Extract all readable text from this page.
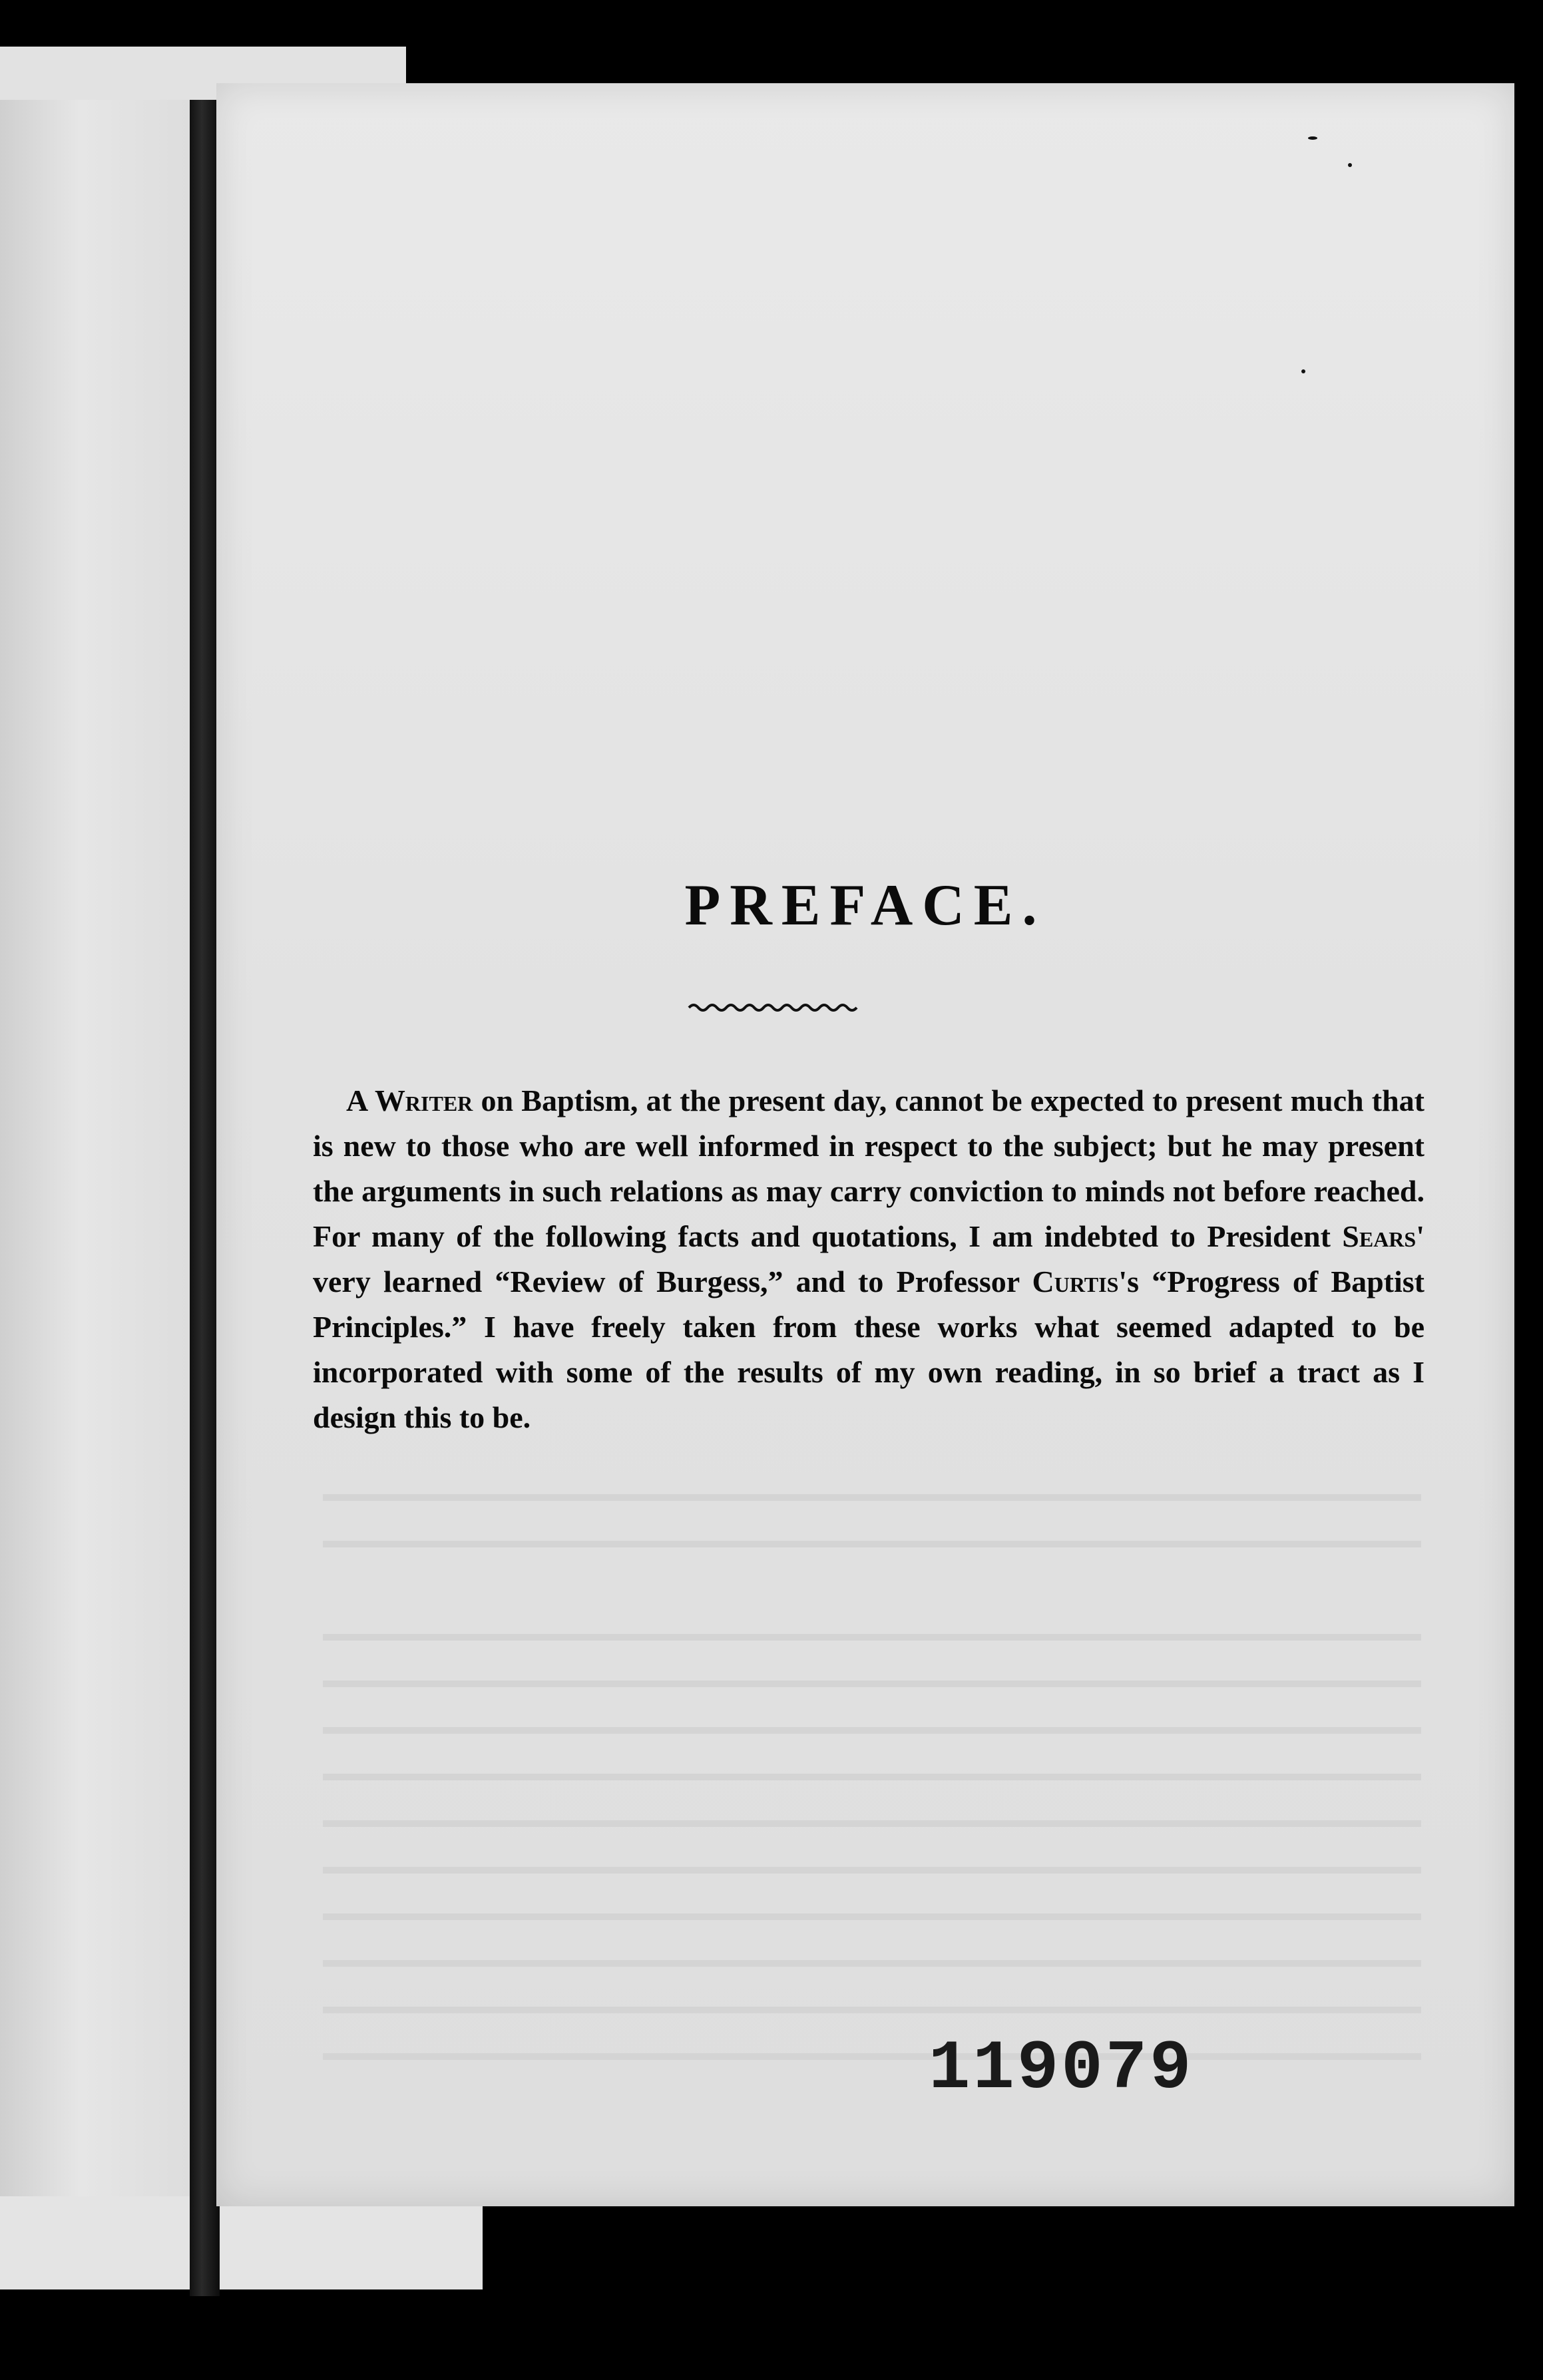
PREFACE.

A Writer on Baptism, at the present day, cannot be expected to present much that is new to those who are well informed in respect to the subject; but he may present the arguments in such relations as may carry conviction to minds not before reached. For many of the following facts and quotations, I am indebted to President Sears' very learned “Review of Burgess,” and to Professor Curtis's “Progress of Baptist Principles.” I have freely taken from these works what seemed adapted to be incorporated with some of the results of my own reading, in so brief a tract as I design this to be.

119079
